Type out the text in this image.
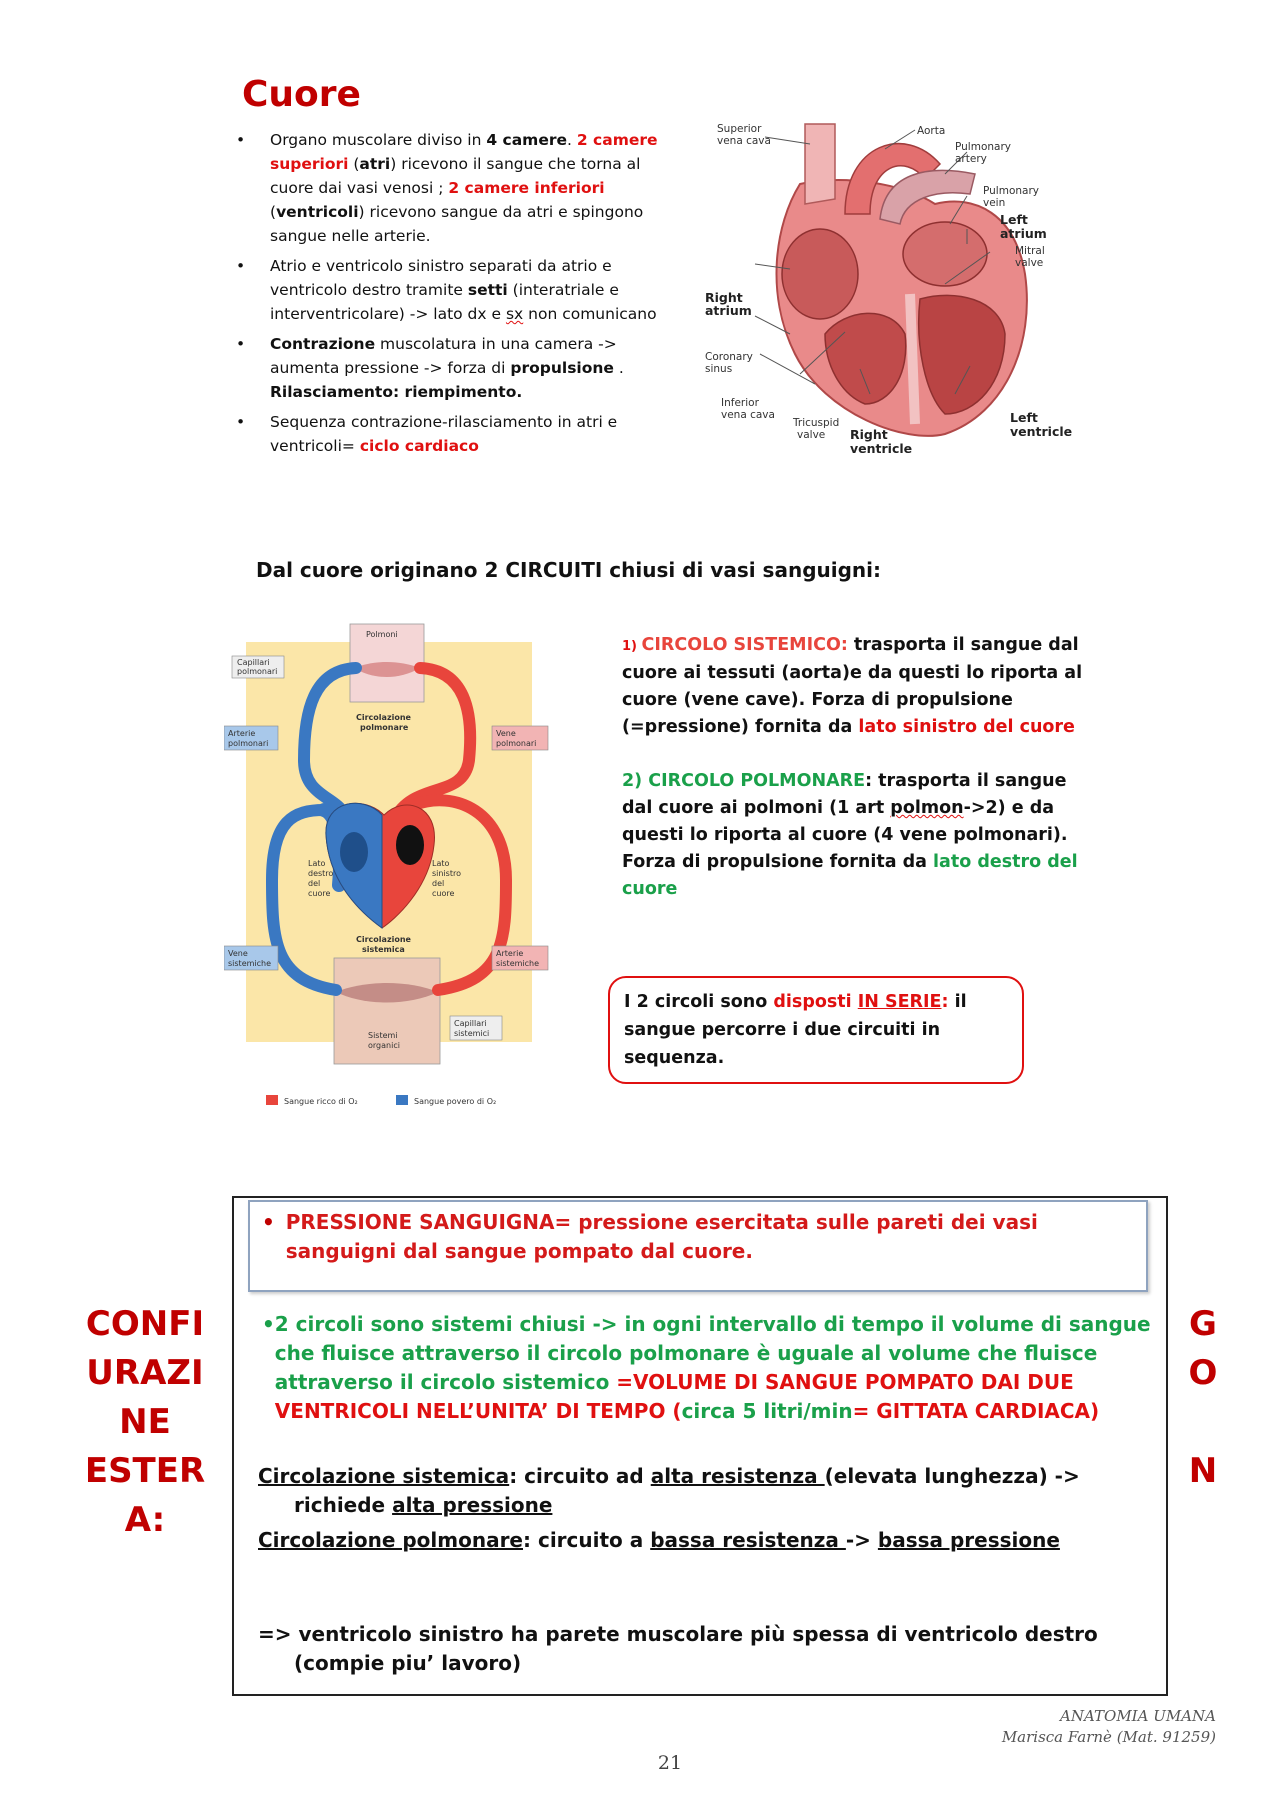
Cuore
• Organo muscolare diviso in 4 camere. 2 camere superiori (atri) ricevono il sangue che torna al cuore dai vasi venosi ; 2 camere inferiori (ventricoli) ricevono sangue da atri e spingono sangue nelle arterie.
• Atrio e ventricolo sinistro separati da atrio e ventricolo destro tramite setti (interatriale e interventricolare) -> lato dx e sx non comunicano
• Contrazione muscolatura in una camera -> aumenta pressione -> forza di propulsione . Rilasciamento: riempimento.
• Sequenza contrazione-rilasciamento in atri e ventricoli= ciclo cardiaco
Superior
vena cava
Aorta
Pulmonary
artery
Pulmonary
vein
Left
atrium
Mitral
valve
Right
atrium
Coronary
sinus
Inferior
vena cava
Tricuspid
valve Right
ventricle
Left
ventricle
Dal cuore originano 2 CIRCUITI chiusi di vasi sanguigni:
Polmoni
Capillari
polmonari
Arterie
polmonari
Vene
polmonari
Circolazione
polmonare
Lato
destro
del
cuore
Lato
sinistro
del
cuore
Circolazione
sistemica
Vene
sistemiche
Arterie
sistemiche
Sistemi
organici
Capillari
sistemici
Sangue ricco di O₂	Sangue povero di O₂

1) CIRCOLO SISTEMICO: trasporta il sangue dal cuore ai tessuti (aorta)e da questi lo riporta al cuore (vene cave). Forza di propulsione (=pressione) fornita da lato sinistro del cuore

2) CIRCOLO POLMONARE: trasporta il sangue dal cuore ai polmoni (1 art polmon->2) e da questi lo riporta al cuore (4 vene polmonari).
Forza di propulsione fornita da lato destro del cuore

I 2 circoli sono disposti IN SERIE: il sangue percorre i due circuiti in sequenza.
• PRESSIONE SANGUIGNA= pressione esercitata sulle pareti dei vasi sanguigni dal sangue pompato dal cuore.
• 2 circoli sono sistemi chiusi -> in ogni intervallo di tempo il volume di sangue che fluisce attraverso il circolo polmonare è uguale al volume che fluisce attraverso il circolo sistemico =VOLUME DI SANGUE POMPATO DAI DUE VENTRICOLI NELL’UNITA’ DI TEMPO (circa 5 litri/min= GITTATA CARDIACA)
Circolazione sistemica: circuito ad alta resistenza (elevata lunghezza) -> richiede alta pressione
Circolazione polmonare: circuito a bassa resistenza -> bassa pressione
=> ventricolo sinistro ha parete muscolare più spessa di ventricolo destro (compie piu’ lavoro)
CONFI
URAZI
NE
ESTER
A:
G
O
N
ANATOMIA UMANA
Marisca Farnè (Mat. 91259)
21
